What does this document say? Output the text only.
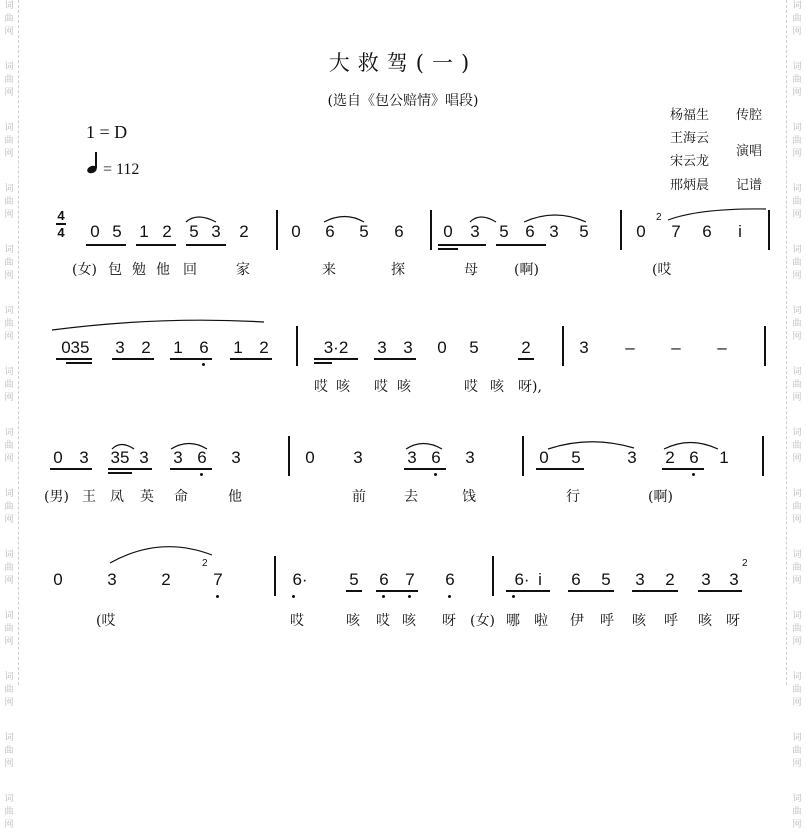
词
曲
网
词
曲
网
词
曲
网
词
曲
网
词
曲
网
词
曲
网
词
曲
网
词
曲
网
词
曲
网
词
曲
网
词
曲
网
词
曲
网
词
曲
网
词
曲
网
词
曲
网
词
曲
网
词
曲
网
词
曲
网
词
曲
网
词
曲
网
词
曲
网
词
曲
网
词
曲
网
词
曲
网
词
曲
网
词
曲
网
词
曲
网
词
曲
网
大救驾(一)
(选自《包公赔情》唱段)
杨福生 传腔
王海云
宋云龙
演唱
邢炳晨 记谱
1 = D
= 112
4
4 0 5 1 2 5 3 2	0 6 5 6 0 3 5 6 3 5	0
2
7 6 i
(女) 包 勉 他 回	家	来	探	母	(啊)	(哎
0 35 3 2 1 6 1 2	3·2 3 3 0 5	2	3 – – –
哎 咳 哎 咳	哎 咳 呀),
0 3 35 3 3 6 3	0 3	3 6 3	0 5	3 2 6 1
(男) 王 凤 英 命	他	前	去	饯	行	(啊)
0	3	2
2
7	6· 5 6 7 6	6· i 6 5 3 2 3 3
2
(哎	哎	咳 哎 咳 呀 (女) 哪 啦 伊 呼 咳 呼 咳 呀
